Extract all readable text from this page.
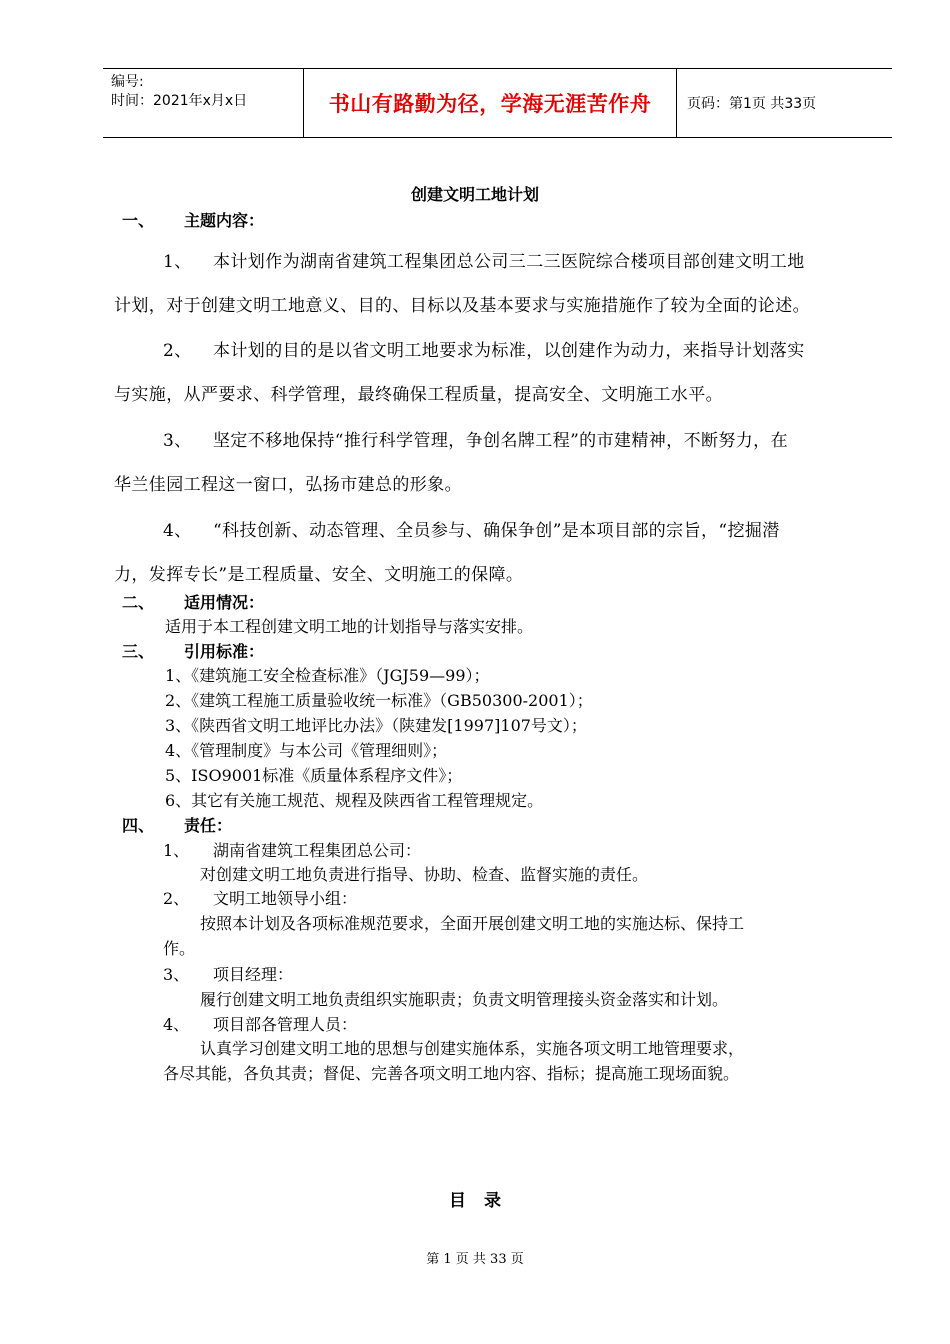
编号:
时间：2021年x月x日	书山有路勤为径，学海无涯苦作舟	页码：第1页 共33页
创建文明工地计划
一、 主题内容：
1、 本计划作为湖南省建筑工程集团总公司三二三医院综合楼项目部创建文明工地
计划，对于创建文明工地意义、目的、目标以及基本要求与实施措施作了较为全面的论述。
2、 本计划的目的是以省文明工地要求为标准，以创建作为动力，来指导计划落实
与实施，从严要求、科学管理，最终确保工程质量，提高安全、文明施工水平。
3、 坚定不移地保持“推行科学管理，争创名牌工程”的市建精神，不断努力，在
华兰佳园工程这一窗口，弘扬市建总的形象。
4、 “科技创新、动态管理、全员参与、确保争创”是本项目部的宗旨，“挖掘潜
力，发挥专长”是工程质量、安全、文明施工的保障。
二、 适用情况：
适用于本工程创建文明工地的计划指导与落实安排。
三、 引用标准：
1、《建筑施工安全检查标准》（JGJ59—99）；
2、《建筑工程施工质量验收统一标准》（GB50300-2001）；
3、《陕西省文明工地评比办法》（陕建发[1997]107号文）；
4、《管理制度》与本公司《管理细则》；
5、ISO9001标准《质量体系程序文件》；
6、其它有关施工规范、规程及陕西省工程管理规定。
四、 责任：
1、 湖南省建筑工程集团总公司：
对创建文明工地负责进行指导、协助、检查、监督实施的责任。
2、 文明工地领导小组：
按照本计划及各项标准规范要求，全面开展创建文明工地的实施达标、保持工
作。
3、 项目经理：
履行创建文明工地负责组织实施职责；负责文明管理接头资金落实和计划。
4、 项目部各管理人员：
认真学习创建文明工地的思想与创建实施体系，实施各项文明工地管理要求，
各尽其能，各负其责；督促、完善各项文明工地内容、指标；提高施工现场面貌。
目录
第 1 页 共 33 页
